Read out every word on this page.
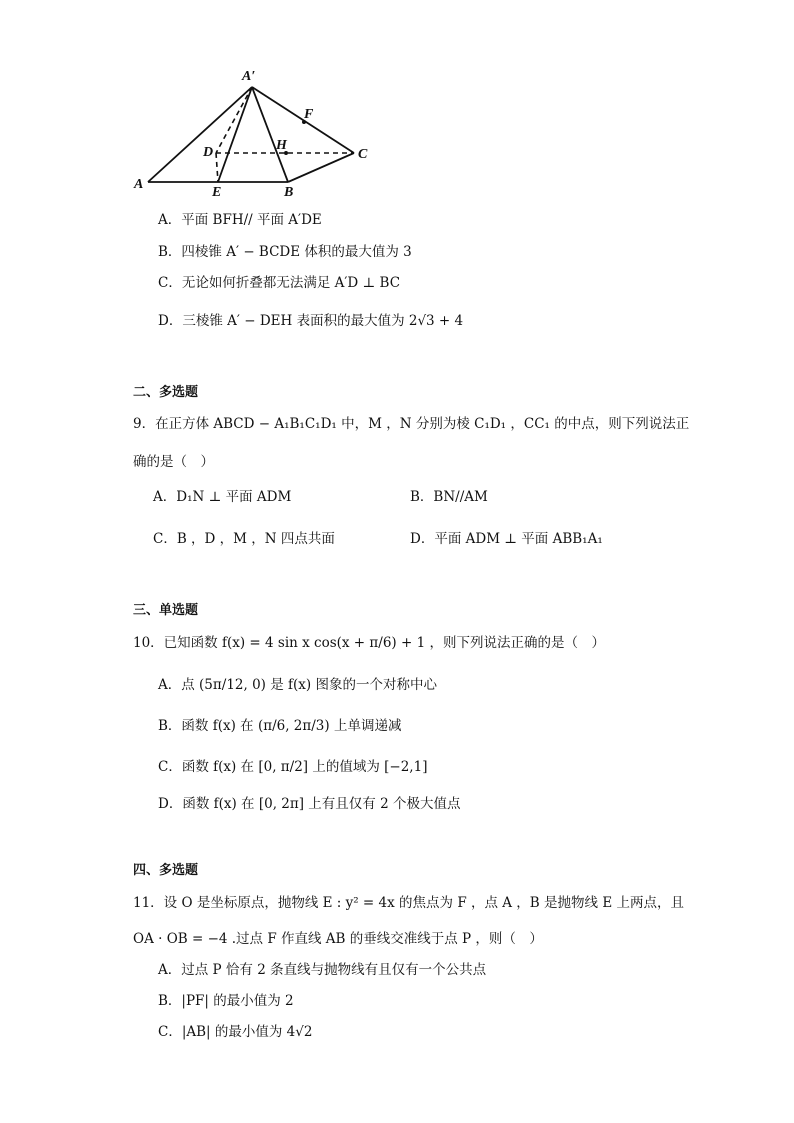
A′
F
D	H
C
A
E	B
A．平面 BFH// 平面 A′DE
B．四棱锥 A′ − BCDE 体积的最大值为 3
C．无论如何折叠都无法满足 A′D ⊥ BC
D．三棱锥 A′ − DEH 表面积的最大值为 2√3 + 4
二、多选题
9．在正方体 ABCD − A₁B₁C₁D₁ 中，M ，N 分别为棱 C₁D₁ ，CC₁ 的中点，则下列说法正
确的是（　）
A．D₁N ⊥ 平面 ADM	B．BN//AM
C．B ，D ，M ，N 四点共面	D．平面 ADM ⊥ 平面 ABB₁A₁
三、单选题
10．已知函数 f(x) = 4 sin x cos(x + π/6) + 1 ，则下列说法正确的是（　）
A．点 (5π/12, 0) 是 f(x) 图象的一个对称中心
B．函数 f(x) 在 (π/6, 2π/3) 上单调递减
C．函数 f(x) 在 [0, π/2] 上的值域为 [−2,1]
D．函数 f(x) 在 [0, 2π] 上有且仅有 2 个极大值点
四、多选题
11．设 O 是坐标原点，抛物线 E : y² = 4x 的焦点为 F ，点 A ，B 是抛物线 E 上两点，且
OA · OB = −4 .过点 F 作直线 AB 的垂线交准线于点 P ，则（　）
A．过点 P 恰有 2 条直线与抛物线有且仅有一个公共点
B．|PF| 的最小值为 2
C．|AB| 的最小值为 4√2
